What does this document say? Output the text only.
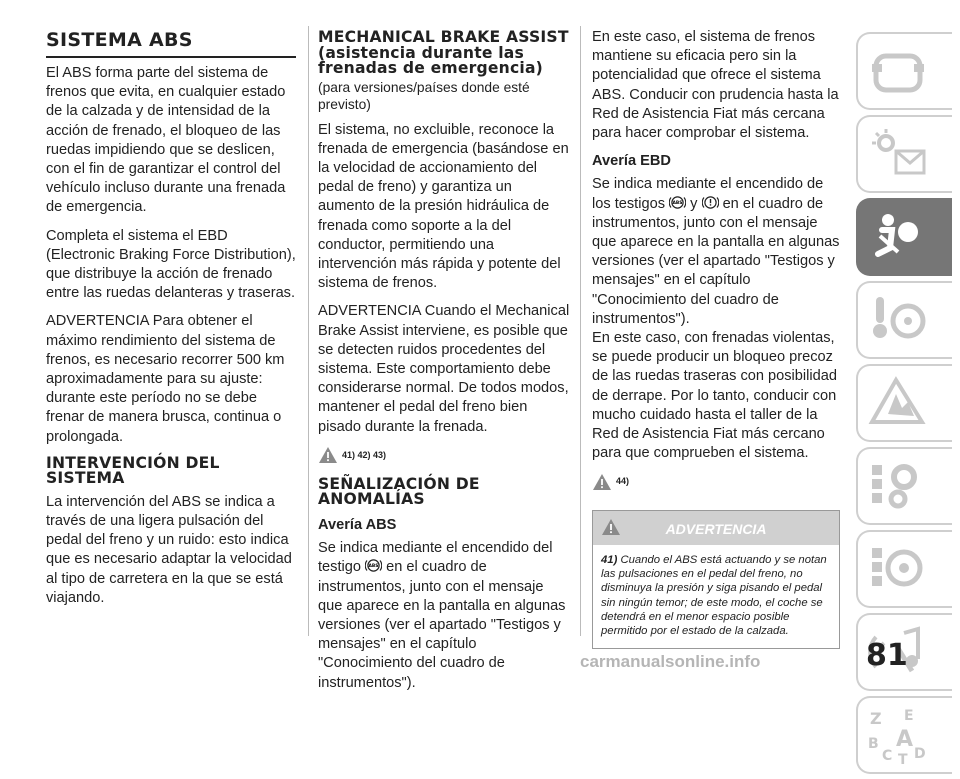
SISTEMA ABS

El ABS forma parte del sistema de frenos que evita, en cualquier estado de la calzada y de intensidad de la acción de frenado, el bloqueo de las ruedas impidiendo que se deslicen, con el fin de garantizar el control del vehículo incluso durante una frenada de emergencia.

Completa el sistema el EBD (Electronic Braking Force Distribution), que distribuye la acción de frenado entre las ruedas delanteras y traseras.

ADVERTENCIA Para obtener el máximo rendimiento del sistema de frenos, es necesario recorrer 500 km aproximadamente para su ajuste: durante este período no se debe frenar de manera brusca, continua o prolongada.

INTERVENCIÓN DEL SISTEMA

La intervención del ABS se indica a través de una ligera pulsación del pedal del freno y un ruido: esto indica que es necesario adaptar la velocidad al tipo de carretera en la que se está viajando.

MECHANICAL BRAKE ASSIST (asistencia durante las frenadas de emergencia)
(para versiones/países donde esté previsto)

El sistema, no excluible, reconoce la frenada de emergencia (basándose en la velocidad de accionamiento del pedal de freno) y garantiza un aumento de la presión hidráulica de frenada como soporte a la del conductor, permitiendo una intervención más rápida y potente del sistema de frenos.

ADVERTENCIA Cuando el Mechanical Brake Assist interviene, es posible que se detecten ruidos procedentes del sistema. Este comportamiento debe considerarse normal. De todos modos, mantener el pedal del freno bien pisado durante la frenada.

41) 42) 43)
SEÑALIZACIÓN DE ANOMALÍAS
Avería ABS

Se indica mediante el encendido del testigo ABS en el cuadro de instrumentos, junto con el mensaje que aparece en la pantalla en algunas versiones (ver el apartado "Testigos y mensajes" en el capítulo "Conocimiento del cuadro de instrumentos").

En este caso, el sistema de frenos mantiene su eficacia pero sin la potencialidad que ofrece el sistema ABS. Conducir con prudencia hasta la Red de Asistencia Fiat más cercana para hacer comprobar el sistema.

Avería EBD

Se indica mediante el encendido de los testigos ABS y en el cuadro de instrumentos, junto con el mensaje que aparece en la pantalla en algunas versiones (ver el apartado "Testigos y mensajes" en el capítulo "Conocimiento del cuadro de instrumentos").

En este caso, con frenadas violentas, se puede producir un bloqueo precoz de las ruedas traseras con posibilidad de derrape. Por lo tanto, conducir con mucho cuidado hasta el taller de la Red de Asistencia Fiat más cercano para que comprueben el sistema.

44)
ADVERTENCIA
41) Cuando el ABS está actuando y se notan las pulsaciones en el pedal del freno, no disminuya la presión y siga pisando el pedal sin ningún temor; de este modo, el coche se detendrá en el menor espacio posible permitido por el estado de la calzada.
Z E
B A
C T D
81
carmanualsonline.info
